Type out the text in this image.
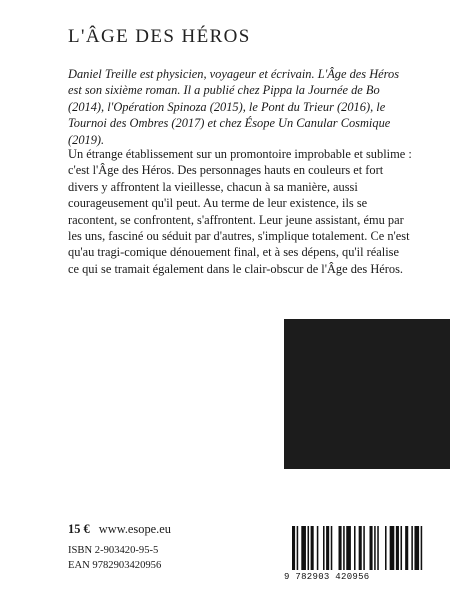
L'ÂGE DES HÉROS

Daniel Treille est physicien, voyageur et écrivain. L'Âge des Héros est son sixième roman. Il a publié chez Pippa la Journée de Bo (2014), l'Opération Spinoza (2015), le Pont du Trieur (2016), le Tournoi des Ombres (2017) et chez Ésope Un Canular Cosmique (2019).

Un étrange établissement sur un promontoire improbable et sublime : c'est l'Âge des Héros. Des personnages hauts en couleurs et fort divers y affrontent la vieillesse, chacun à sa manière, aussi courageusement qu'il peut. Au terme de leur existence, ils se racontent, se confrontent, s'affrontent. Leur jeune assistant, ému par les uns, fasciné ou séduit par d'autres, s'implique totalement. Ce n'est qu'au tragi-comique dénouement final, et à ses dépens, qu'il réalise ce qui se tramait également dans le clair-obscur de l'Âge des Héros.

15 € www.esope.eu
ISBN 2-903420-95-5
EAN 9782903420956
9 782903 420956
